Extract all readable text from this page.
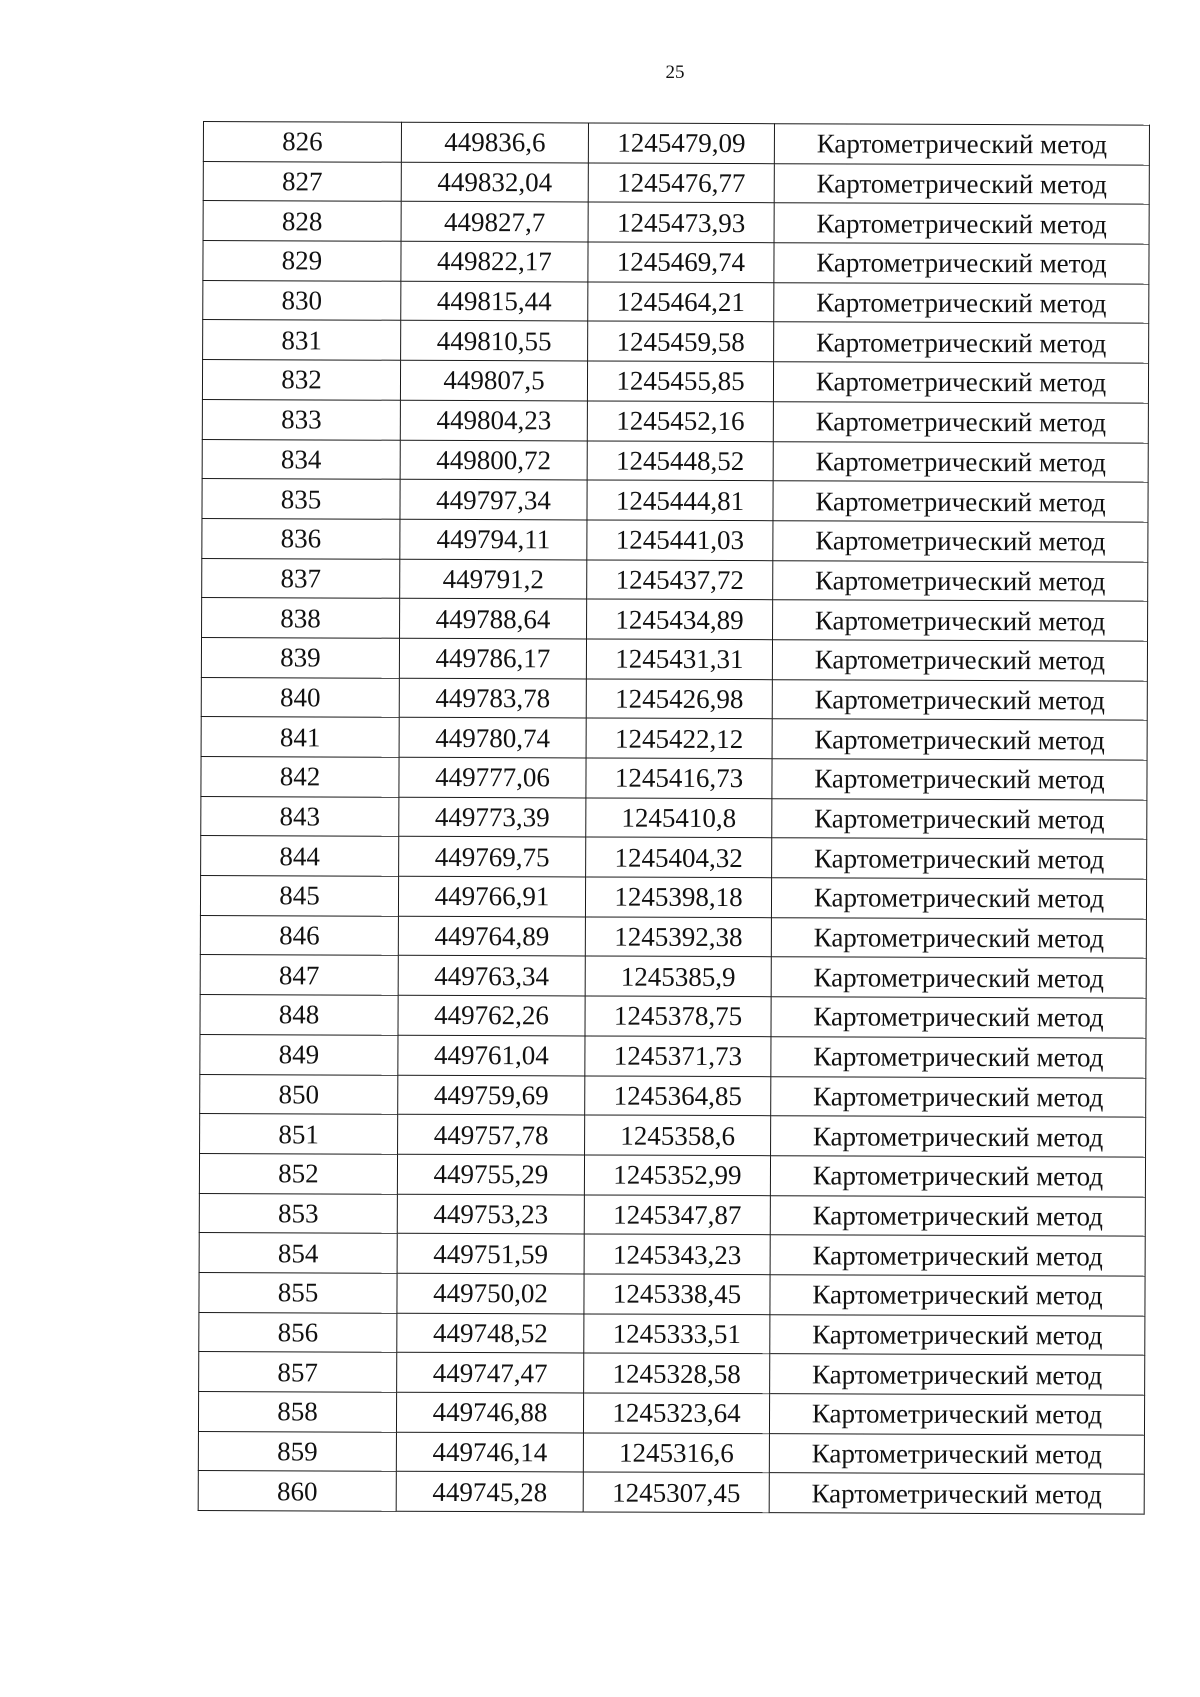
25
826	449836,6	1245479,09	Картометрический метод
827	449832,04	1245476,77	Картометрический метод
828	449827,7	1245473,93	Картометрический метод
829	449822,17	1245469,74	Картометрический метод
830	449815,44	1245464,21	Картометрический метод
831	449810,55	1245459,58	Картометрический метод
832	449807,5	1245455,85	Картометрический метод
833	449804,23	1245452,16	Картометрический метод
834	449800,72	1245448,52	Картометрический метод
835	449797,34	1245444,81	Картометрический метод
836	449794,11	1245441,03	Картометрический метод
837	449791,2	1245437,72	Картометрический метод
838	449788,64	1245434,89	Картометрический метод
839	449786,17	1245431,31	Картометрический метод
840	449783,78	1245426,98	Картометрический метод
841	449780,74	1245422,12	Картометрический метод
842	449777,06	1245416,73	Картометрический метод
843	449773,39	1245410,8	Картометрический метод
844	449769,75	1245404,32	Картометрический метод
845	449766,91	1245398,18	Картометрический метод
846	449764,89	1245392,38	Картометрический метод
847	449763,34	1245385,9	Картометрический метод
848	449762,26	1245378,75	Картометрический метод
849	449761,04	1245371,73	Картометрический метод
850	449759,69	1245364,85	Картометрический метод
851	449757,78	1245358,6	Картометрический метод
852	449755,29	1245352,99	Картометрический метод
853	449753,23	1245347,87	Картометрический метод
854	449751,59	1245343,23	Картометрический метод
855	449750,02	1245338,45	Картометрический метод
856	449748,52	1245333,51	Картометрический метод
857	449747,47	1245328,58	Картометрический метод
858	449746,88	1245323,64	Картометрический метод
859	449746,14	1245316,6	Картометрический метод
860	449745,28	1245307,45	Картометрический метод
